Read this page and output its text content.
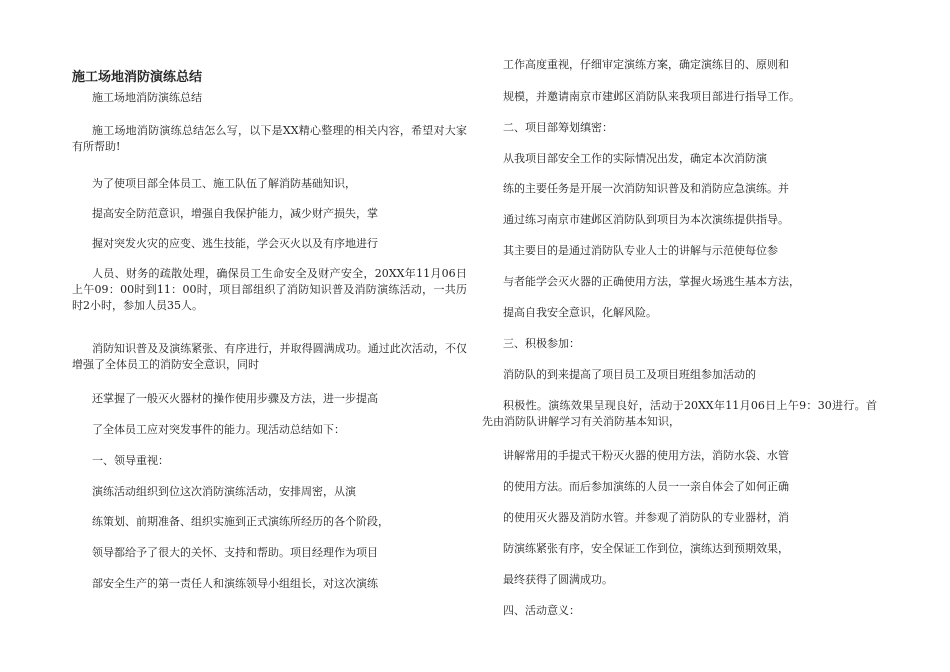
施工场地消防演练总结
施工场地消防演练总结
施工场地消防演练总结怎么写，以下是XX精心整理的相关内容，希望对大家有所帮助!
为了使项目部全体员工、施工队伍了解消防基础知识，
提高安全防范意识，增强自我保护能力，减少财产损失，掌
握对突发火灾的应变、逃生技能，学会灭火以及有序地进行
人员、财务的疏散处理，确保员工生命安全及财产安全，20XX年11月06日上午09：00时到11：00时，项目部组织了消防知识普及消防演练活动，一共历时2小时，参加人员35人。
消防知识普及及演练紧张、有序进行，并取得圆满成功。通过此次活动，不仅增强了全体员工的消防安全意识，同时
还掌握了一般灭火器材的操作使用步骤及方法，进一步提高
了全体员工应对突发事件的能力。现活动总结如下：
一、领导重视：
演练活动组织到位这次消防演练活动，安排周密，从演
练策划、前期准备、组织实施到正式演练所经历的各个阶段，
领导都给予了很大的关怀、支持和帮助。项目经理作为项目
部安全生产的第一责任人和演练领导小组组长，对这次演练
工作高度重视，仔细审定演练方案，确定演练目的、原则和
规模，并邀请南京市建邺区消防队来我项目部进行指导工作。
二、项目部筹划缜密：
从我项目部安全工作的实际情况出发，确定本次消防演
练的主要任务是开展一次消防知识普及和消防应急演练。并
通过练习南京市建邺区消防队到项目为本次演练提供指导。
其主要目的是通过消防队专业人士的讲解与示范使每位参
与者能学会灭火器的正确使用方法，掌握火场逃生基本方法，
提高自我安全意识，化解风险。
三、积极参加：
消防队的到来提高了项目员工及项目班组参加活动的
积极性。演练效果呈现良好，活动于20XX年11月06日上午9：30进行。首先由消防队讲解学习有关消防基本知识，
讲解常用的手提式干粉灭火器的使用方法，消防水袋、水管
的使用方法。而后参加演练的人员一一亲自体会了如何正确
的使用灭火器及消防水管。并参观了消防队的专业器材，消
防演练紧张有序，安全保证工作到位，演练达到预期效果，
最终获得了圆满成功。
四、活动意义：
